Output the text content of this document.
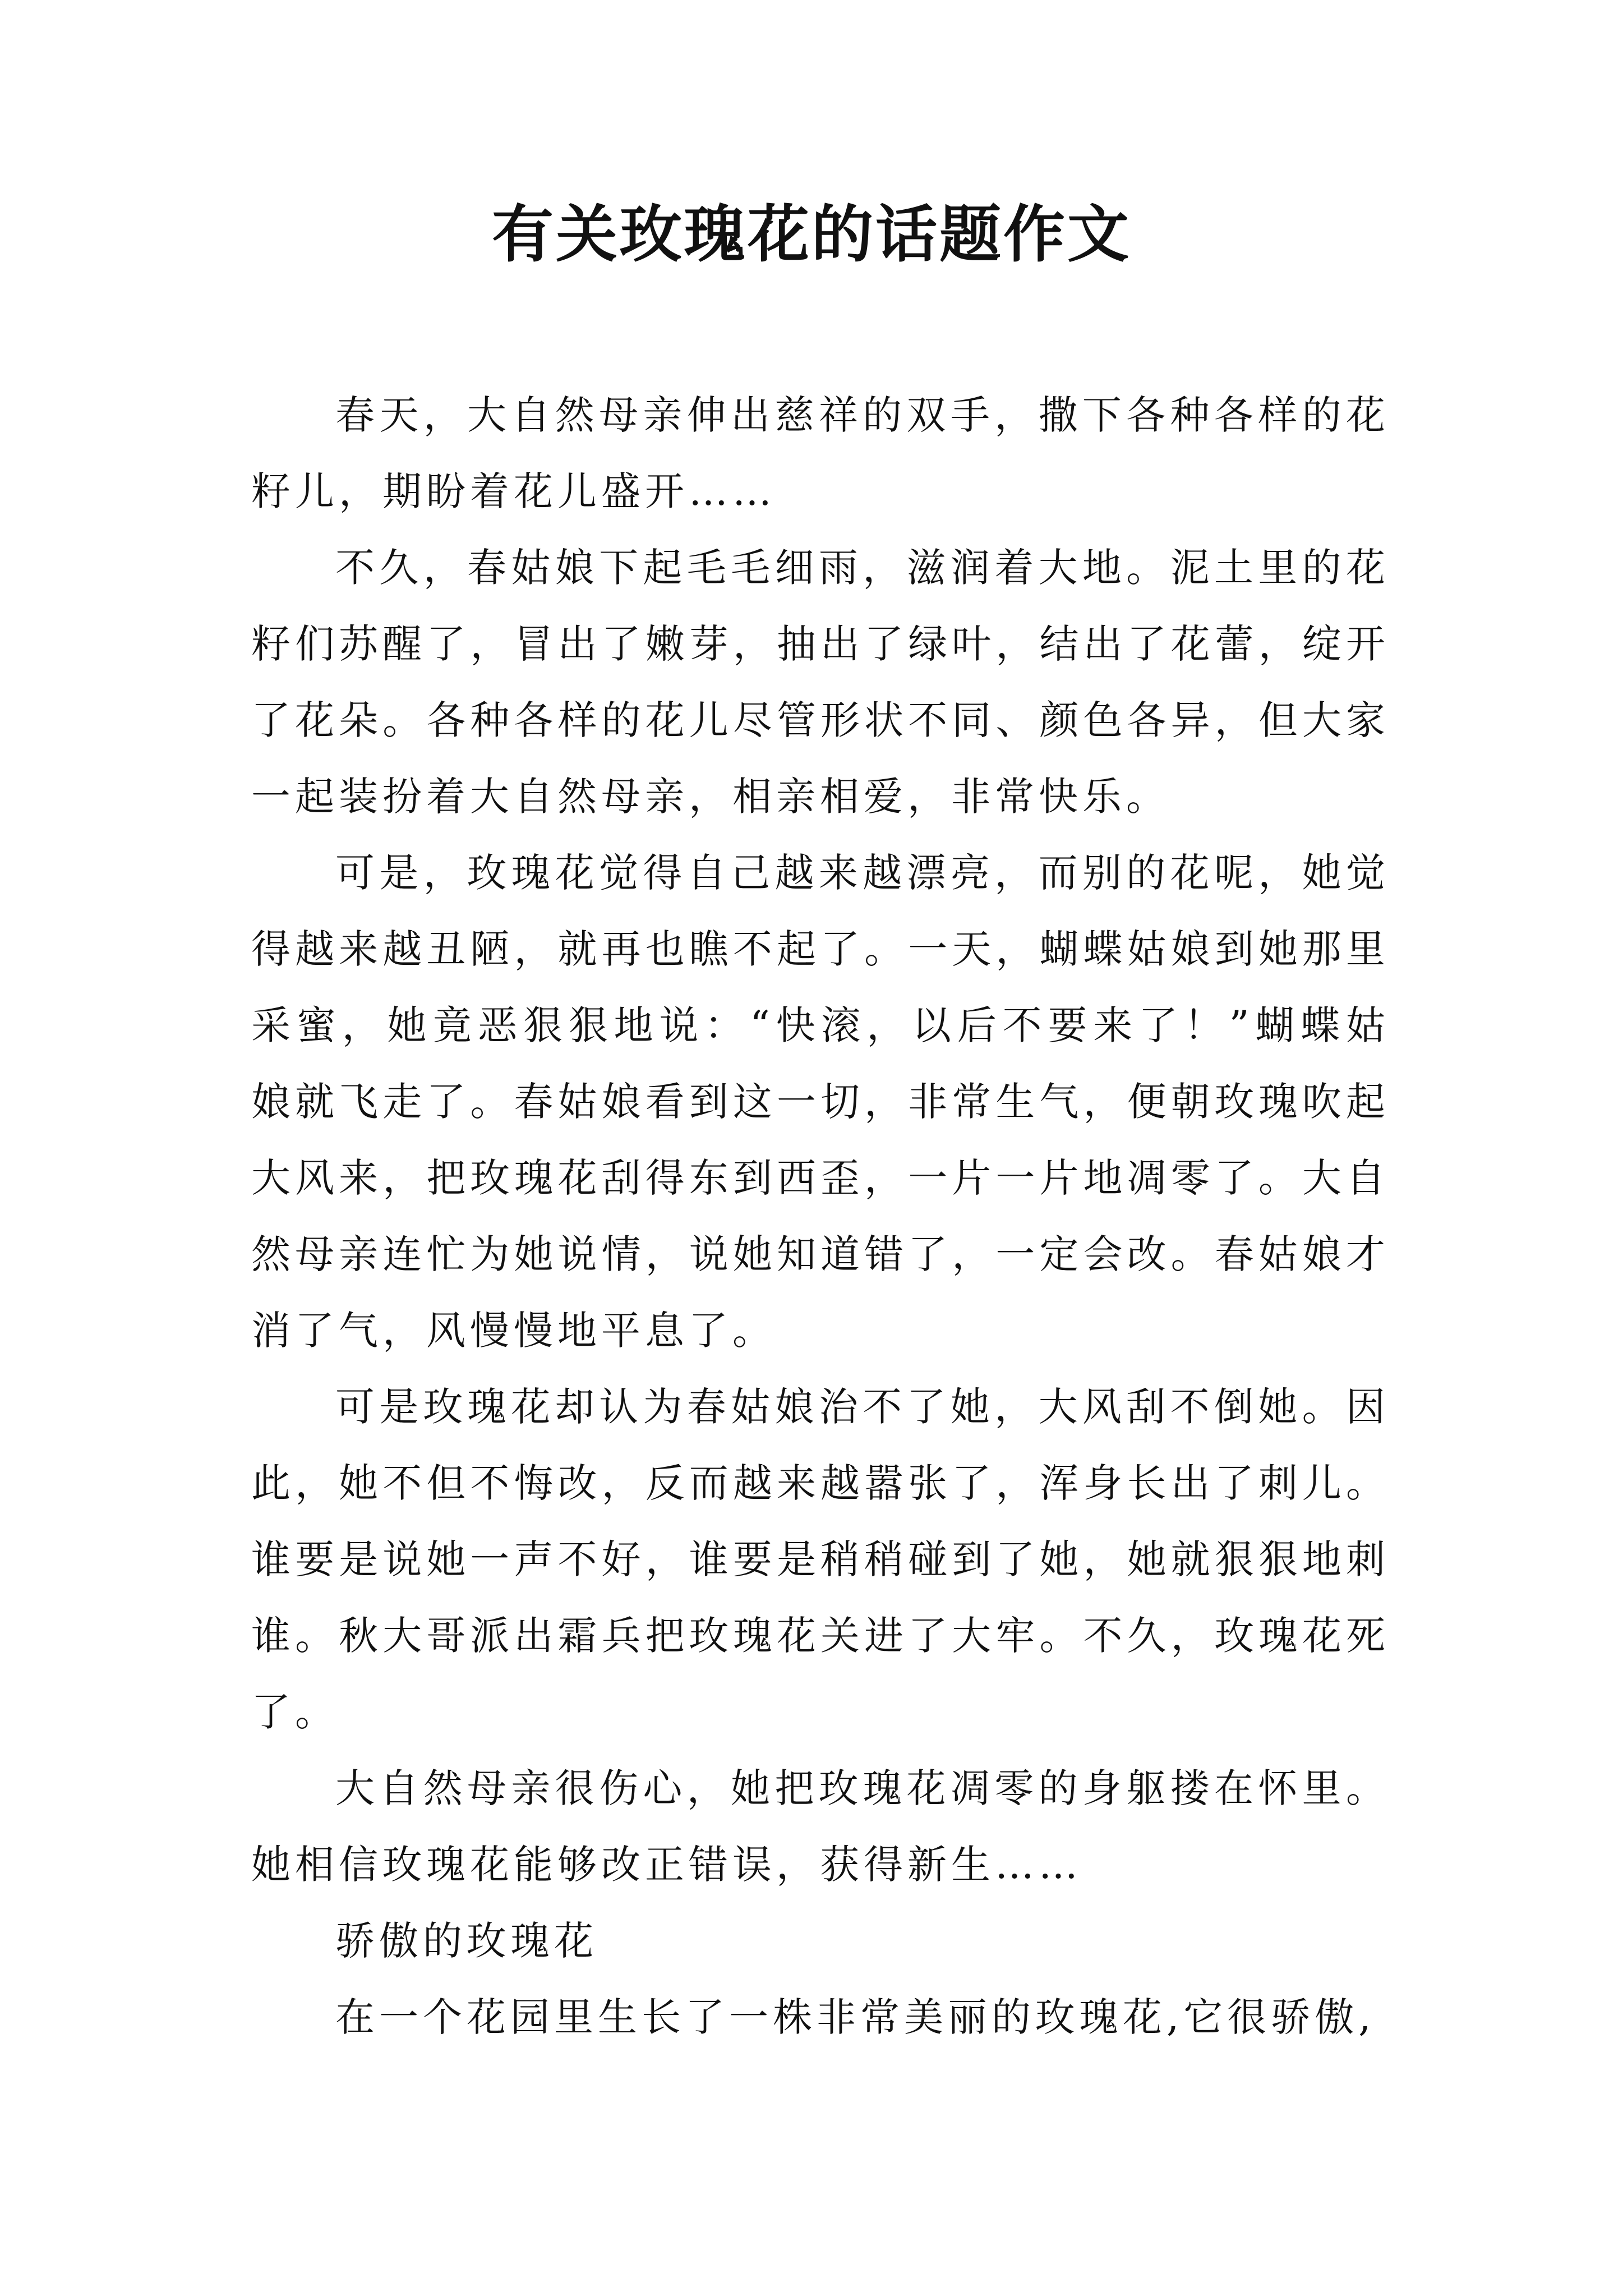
有关玫瑰花的话题作文

春天，大自然母亲伸出慈祥的双手，撒下各种各样的花籽儿，期盼着花儿盛开……

不久，春姑娘下起毛毛细雨，滋润着大地。泥土里的花籽们苏醒了，冒出了嫩芽，抽出了绿叶，结出了花蕾，绽开了花朵。各种各样的花儿尽管形状不同、颜色各异，但大家一起装扮着大自然母亲，相亲相爱，非常快乐。

可是，玫瑰花觉得自己越来越漂亮，而别的花呢，她觉得越来越丑陋，就再也瞧不起了。一天，蝴蝶姑娘到她那里采蜜，她竟恶狠狠地说：“快滚，以后不要来了！”蝴蝶姑娘就飞走了。春姑娘看到这一切，非常生气，便朝玫瑰吹起大风来，把玫瑰花刮得东到西歪，一片一片地凋零了。大自然母亲连忙为她说情，说她知道错了，一定会改。春姑娘才消了气，风慢慢地平息了。

可是玫瑰花却认为春姑娘治不了她，大风刮不倒她。因此，她不但不悔改，反而越来越嚣张了，浑身长出了刺儿。谁要是说她一声不好，谁要是稍稍碰到了她，她就狠狠地刺谁。秋大哥派出霜兵把玫瑰花关进了大牢。不久，玫瑰花死了。

大自然母亲很伤心，她把玫瑰花凋零的身躯搂在怀里。她相信玫瑰花能够改正错误，获得新生……

骄傲的玫瑰花

在一个花园里生长了一株非常美丽的玫瑰花,它很骄傲,
